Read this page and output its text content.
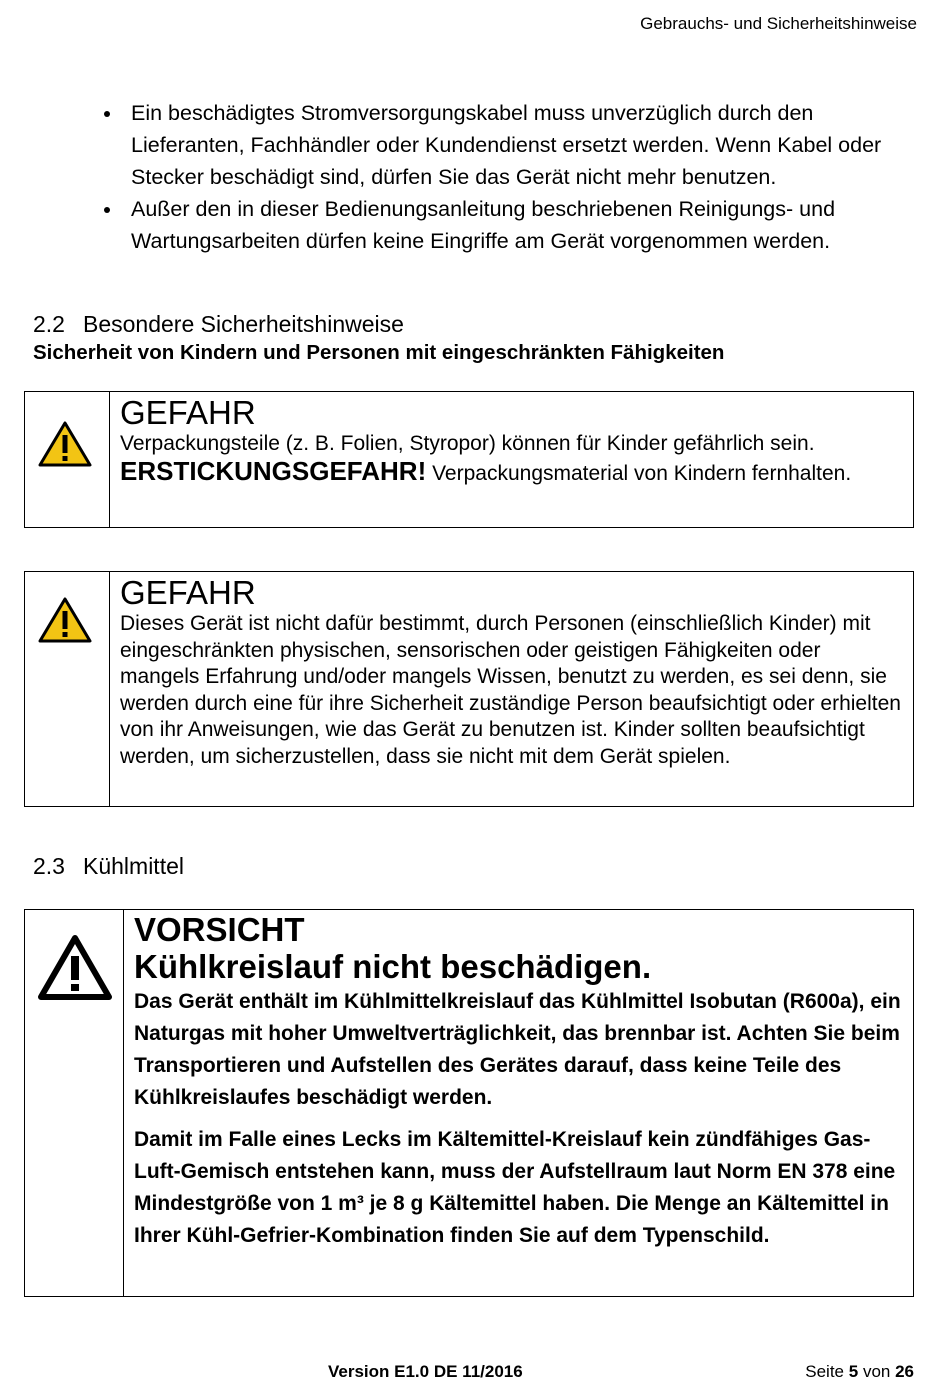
Gebrauchs- und Sicherheitshinweise
Ein beschädigtes Stromversorgungskabel muss unverzüglich durch den Lieferanten, Fachhändler oder Kundendienst ersetzt werden. Wenn Kabel oder Stecker beschädigt sind, dürfen Sie das Gerät nicht mehr benutzen.
Außer den in dieser Bedienungsanleitung beschriebenen Reinigungs- und Wartungsarbeiten dürfen keine Eingriffe am Gerät vorgenommen werden.
2.2 Besondere Sicherheitshinweise
Sicherheit von Kindern und Personen mit eingeschränkten Fähigkeiten
GEFAHR
Verpackungsteile (z. B. Folien, Styropor) können für Kinder gefährlich sein.
ERSTICKUNGSGEFAHR! Verpackungsmaterial von Kindern fernhalten.
GEFAHR
Dieses Gerät ist nicht dafür bestimmt, durch Personen (einschließlich Kinder) mit eingeschränkten physischen, sensorischen oder geistigen Fähigkeiten oder mangels Erfahrung und/oder mangels Wissen, benutzt zu werden, es sei denn, sie werden durch eine für ihre Sicherheit zuständige Person beaufsichtigt oder erhielten von ihr Anweisungen, wie das Gerät zu benutzen ist. Kinder sollten beaufsichtigt werden, um sicherzustellen, dass sie nicht mit dem Gerät spielen.
2.3 Kühlmittel
VORSICHT
Kühlkreislauf nicht beschädigen.

Das Gerät enthält im Kühlmittelkreislauf das Kühlmittel Isobutan (R600a), ein Naturgas mit hoher Umweltverträglichkeit, das brennbar ist. Achten Sie beim Transportieren und Aufstellen des Gerätes darauf, dass keine Teile des Kühlkreislaufes beschädigt werden.

Damit im Falle eines Lecks im Kältemittel-Kreislauf kein zündfähiges Gas-Luft-Gemisch entstehen kann, muss der Aufstellraum laut Norm EN 378 eine Mindestgröße von 1 m³ je 8 g Kältemittel haben. Die Menge an Kältemittel in Ihrer Kühl-Gefrier-Kombination finden Sie auf dem Typenschild.

Version E1.0 DE 11/2016	Seite 5 von 26
